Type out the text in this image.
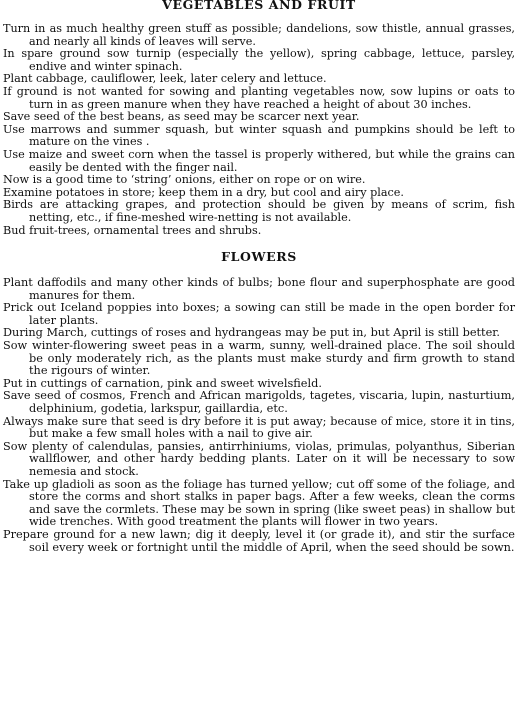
VEGETABLES AND FRUIT
Turn in as much healthy green stuff as possible; dandelions, sow thistle, annual grasses, and nearly all kinds of leaves will serve.
In spare ground sow turnip (especially the yellow), spring cabbage, lettuce, parsley, endive and winter spinach.
Plant cabbage, cauliflower, leek, later celery and lettuce.
If ground is not wanted for sowing and planting vegetables now, sow lupins or oats to turn in as green manure when they have reached a height of about 30 inches.
Save seed of the best beans, as seed may be scarcer next year.
Use marrows and summer squash, but winter squash and pumpkins should be left to mature on the vines .
Use maize and sweet corn when the tassel is properly withered, but while the grains can easily be dented with the finger nail.
Now is a good time to ‘string’ onions, either on rope or on wire.
Examine potatoes in store; keep them in a dry, but cool and airy place.
Birds are attacking grapes, and protection should be given by means of scrim, fish netting, etc., if fine-meshed wire-netting is not available.
Bud fruit-trees, ornamental trees and shrubs.
FLOWERS
Plant daffodils and many other kinds of bulbs; bone flour and superphosphate are good manures for them.
Prick out Iceland poppies into boxes; a sowing can still be made in the open border for later plants.
During March, cuttings of roses and hydrangeas may be put in, but April is still better.
Sow winter-flowering sweet peas in a warm, sunny, well-drained place. The soil should be only moderately rich, as the plants must make sturdy and firm growth to stand the rigours of winter.
Put in cuttings of carnation, pink and sweet wivelsfield.
Save seed of cosmos, French and African marigolds, tagetes, viscaria, lupin, nasturtium, delphinium, godetia, larkspur, gaillardia, etc.
Always make sure that seed is dry before it is put away; because of mice, store it in tins, but make a few small holes with a nail to give air.
Sow plenty of calendulas, pansies, antirrhiniums, violas, primulas, polyanthus, Siberian wallflower, and other hardy bedding plants. Later on it will be necessary to sow nemesia and stock.
Take up gladioli as soon as the foliage has turned yellow; cut off some of the foliage, and store the corms and short stalks in paper bags. After a few weeks, clean the corms and save the cormlets. These may be sown in spring (like sweet peas) in shallow but wide trenches. With good treatment the plants will flower in two years.
Prepare ground for a new lawn; dig it deeply, level it (or grade it), and stir the surface soil every week or fortnight until the middle of April, when the seed should be sown.
